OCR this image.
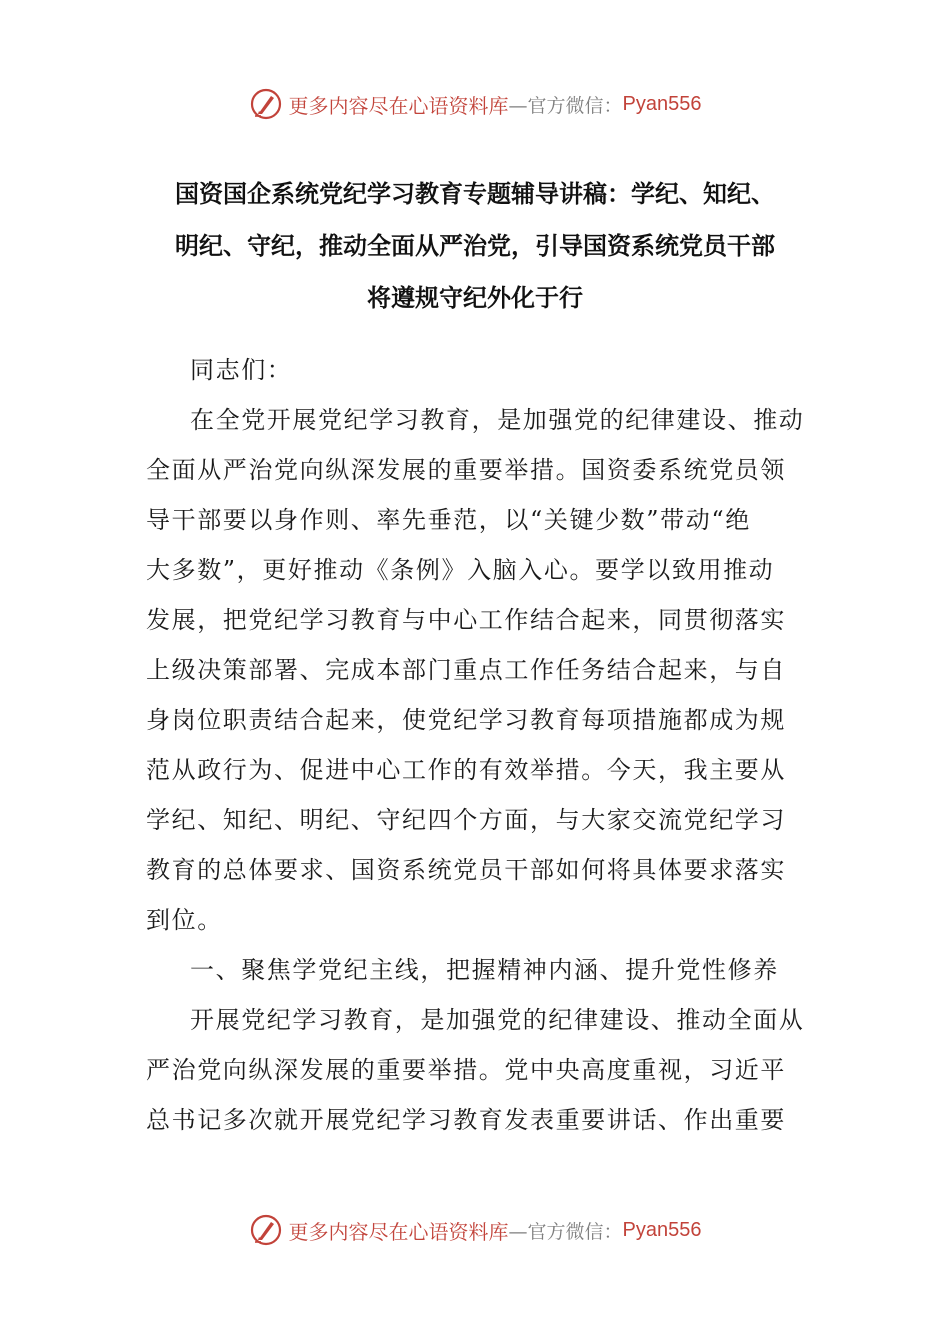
更多内容尽在心语资料库 —官方微信： Pyan556
国资国企系统党纪学习教育专题辅导讲稿：学纪、知纪、
明纪、守纪，推动全面从严治党，引导国资系统党员干部
将遵规守纪外化于行
同志们：
在全党开展党纪学习教育，是加强党的纪律建设、推动
全面从严治党向纵深发展的重要举措。国资委系统党员领
导干部要以身作则、率先垂范，以“关键少数”带动“绝
大多数”，更好推动《条例》入脑入心。要学以致用推动
发展，把党纪学习教育与中心工作结合起来，同贯彻落实
上级决策部署、完成本部门重点工作任务结合起来，与自
身岗位职责结合起来，使党纪学习教育每项措施都成为规
范从政行为、促进中心工作的有效举措。今天，我主要从
学纪、知纪、明纪、守纪四个方面，与大家交流党纪学习
教育的总体要求、国资系统党员干部如何将具体要求落实
到位。
一、聚焦学党纪主线，把握精神内涵、提升党性修养
开展党纪学习教育，是加强党的纪律建设、推动全面从
严治党向纵深发展的重要举措。党中央高度重视，习近平
总书记多次就开展党纪学习教育发表重要讲话、作出重要
更多内容尽在心语资料库 —官方微信： Pyan556
